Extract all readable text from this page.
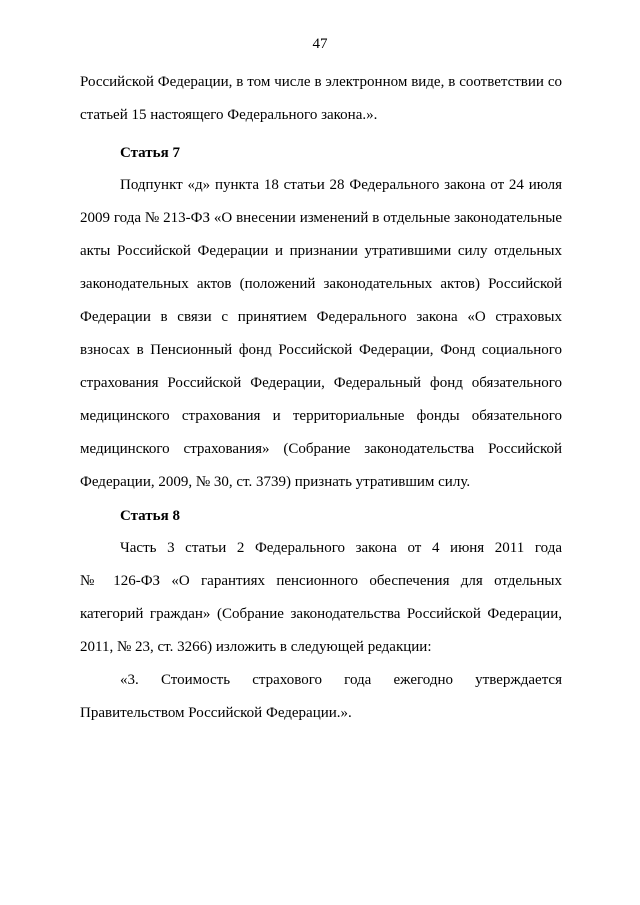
47
Российской Федерации, в том числе в электронном виде, в соответствии со
статьей 15 настоящего Федерального закона.».
Статья 7
Подпункт «д» пункта 18 статьи 28 Федерального закона от 24 июля
2009 года № 213-ФЗ «О внесении изменений в отдельные законодательные
акты Российской Федерации и признании утратившими силу отдельных
законодательных актов (положений законодательных актов) Российской
Федерации в связи с принятием Федерального закона «О страховых
взносах в Пенсионный фонд Российской Федерации, Фонд социального
страхования Российской Федерации, Федеральный фонд обязательного
медицинского страхования и территориальные фонды обязательного
медицинского страхования» (Собрание законодательства Российской
Федерации, 2009, № 30, ст. 3739) признать утратившим силу.
Статья 8
Часть 3 статьи 2 Федерального закона от 4 июня 2011 года
№ 126-ФЗ «О гарантиях пенсионного обеспечения для отдельных
категорий граждан» (Собрание законодательства Российской Федерации,
2011, № 23, ст. 3266) изложить в следующей редакции:
«3. Стоимость страхового года ежегодно утверждается
Правительством Российской Федерации.».
